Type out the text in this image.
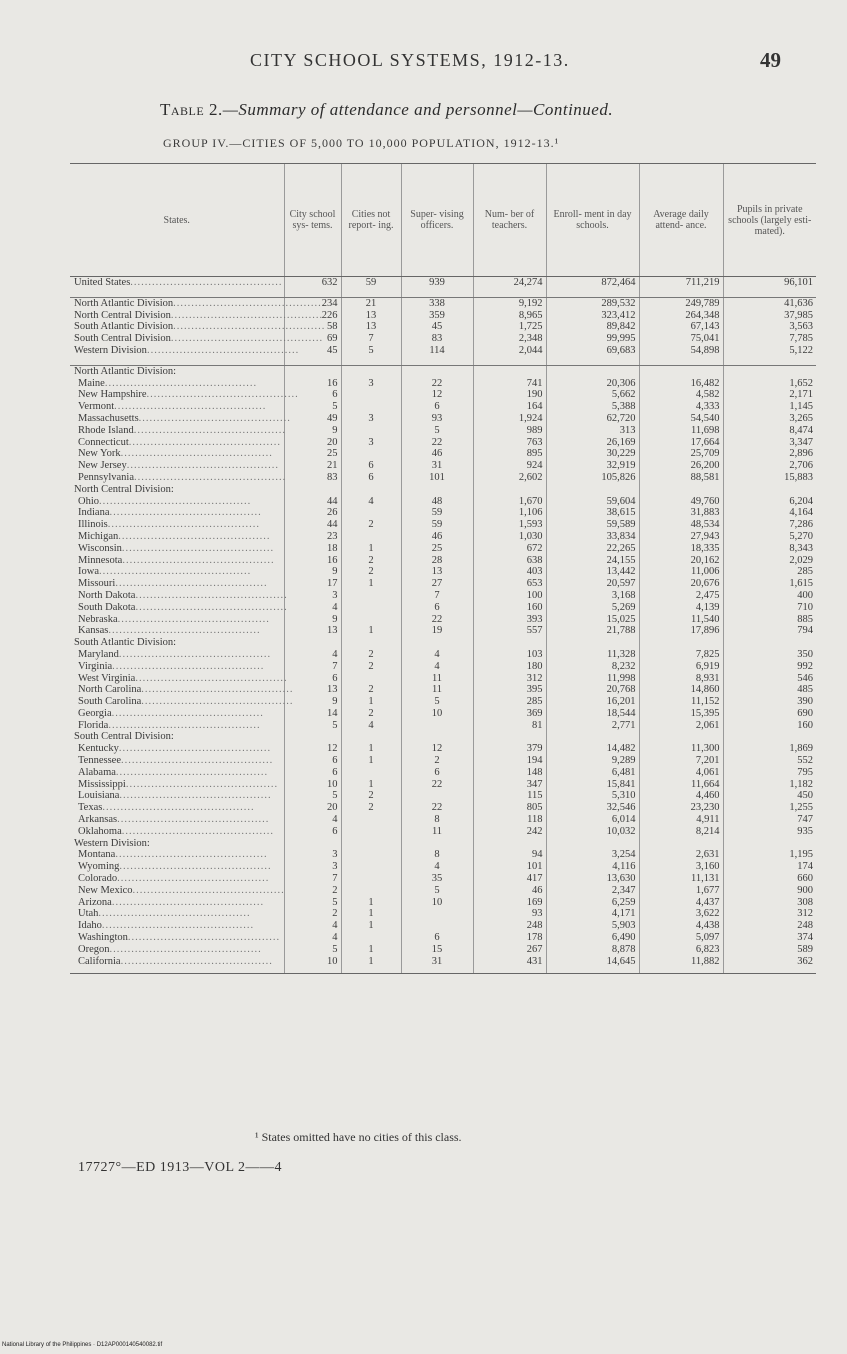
CITY SCHOOL SYSTEMS, 1912-13.	49
Table 2.—Summary of attendance and personnel—Continued.
GROUP IV.—CITIES OF 5,000 TO 10,000 POPULATION, 1912-13.¹
States.	City school sys- tems.	Cities not report- ing.	Super- vising officers.	Num- ber of teachers.	Enroll- ment in day schools.	Average daily attend- ance.	Pupils in private schools (largely esti- mated).
United States..........................................	632	59	939	24,274	872,464	711,219	96,101

North Atlantic Division..........................................	234	21	338	9,192	289,532	249,789	41,636
North Central Division..........................................	226	13	359	8,965	323,412	264,348	37,985
South Atlantic Division..........................................	58	13	45	1,725	89,842	67,143	3,563
South Central Division..........................................	69	7	83	2,348	99,995	75,041	7,785
Western Division..........................................	45	5	114	2,044	69,683	54,898	5,122

North Atlantic Division:							
Maine..........................................	16	3	22	741	20,306	16,482	1,652
New Hampshire..........................................	6		12	190	5,662	4,582	2,171
Vermont..........................................	5		6	164	5,388	4,333	1,145
Massachusetts..........................................	49	3	93	1,924	62,720	54,540	3,265
Rhode Island..........................................	9		5	989	313	11,698	8,474
Connecticut..........................................	20	3	22	763	26,169	17,664	3,347
New York..........................................	25		46	895	30,229	25,709	2,896
New Jersey..........................................	21	6	31	924	32,919	26,200	2,706
Pennsylvania..........................................	83	6	101	2,602	105,826	88,581	15,883
North Central Division:							
Ohio..........................................	44	4	48	1,670	59,604	49,760	6,204
Indiana..........................................	26		59	1,106	38,615	31,883	4,164
Illinois..........................................	44	2	59	1,593	59,589	48,534	7,286
Michigan..........................................	23		46	1,030	33,834	27,943	5,270
Wisconsin..........................................	18	1	25	672	22,265	18,335	8,343
Minnesota..........................................	16	2	28	638	24,155	20,162	2,029
Iowa..........................................	9	2	13	403	13,442	11,006	285
Missouri..........................................	17	1	27	653	20,597	20,676	1,615
North Dakota..........................................	3		7	100	3,168	2,475	400
South Dakota..........................................	4		6	160	5,269	4,139	710
Nebraska..........................................	9		22	393	15,025	11,540	885
Kansas..........................................	13	1	19	557	21,788	17,896	794
South Atlantic Division:							
Maryland..........................................	4	2	4	103	11,328	7,825	350
Virginia..........................................	7	2	4	180	8,232	6,919	992
West Virginia..........................................	6		11	312	11,998	8,931	546
North Carolina..........................................	13	2	11	395	20,768	14,860	485
South Carolina..........................................	9	1	5	285	16,201	11,152	390
Georgia..........................................	14	2	10	369	18,544	15,395	690
Florida..........................................	5	4		81	2,771	2,061	160
South Central Division:							
Kentucky..........................................	12	1	12	379	14,482	11,300	1,869
Tennessee..........................................	6	1	2	194	9,289	7,201	552
Alabama..........................................	6		6	148	6,481	4,061	795
Mississippi..........................................	10	1	22	347	15,841	11,664	1,182
Louisiana..........................................	5	2		115	5,310	4,460	450
Texas..........................................	20	2	22	805	32,546	23,230	1,255
Arkansas..........................................	4		8	118	6,014	4,911	747
Oklahoma..........................................	6		11	242	10,032	8,214	935
Western Division:							
Montana..........................................	3		8	94	3,254	2,631	1,195
Wyoming..........................................	3		4	101	4,116	3,160	174
Colorado..........................................	7		35	417	13,630	11,131	660
New Mexico..........................................	2		5	46	2,347	1,677	900
Arizona..........................................	5	1	10	169	6,259	4,437	308
Utah..........................................	2	1		93	4,171	3,622	312
Idaho..........................................	4	1		248	5,903	4,438	248
Washington..........................................	4		6	178	6,490	5,097	374
Oregon..........................................	5	1	15	267	8,878	6,823	589
California..........................................	10	1	31	431	14,645	11,882	362
¹ States omitted have no cities of this class.
17727°—ED 1913—VOL 2——4
National Library of the Philippines · D12AP000140540082.tif
